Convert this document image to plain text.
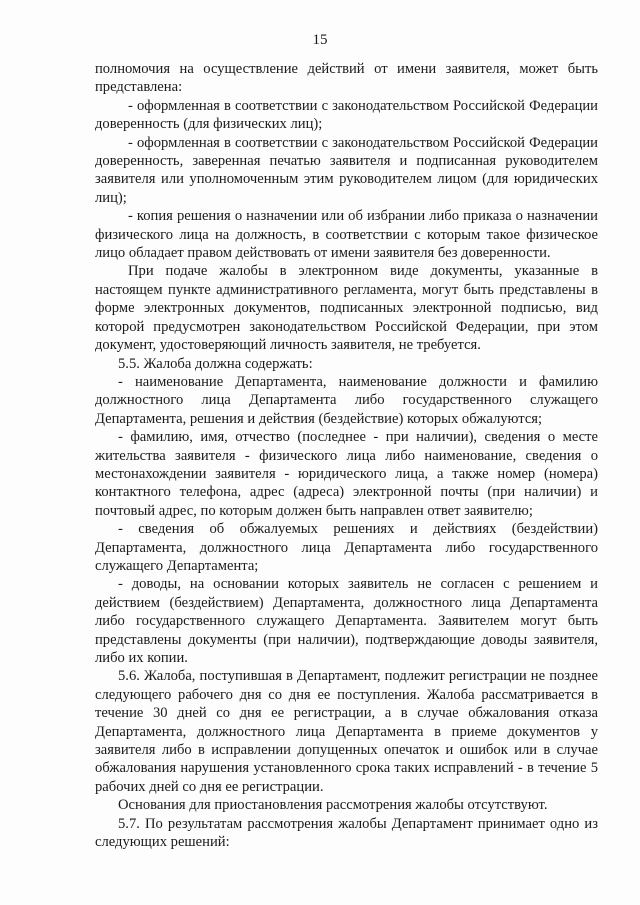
15

полномочия на осуществление действий от имени заявителя, может быть представлена:

- оформленная в соответствии с законодательством Российской Федерации доверенность (для физических лиц);

- оформленная в соответствии с законодательством Российской Федерации доверенность, заверенная печатью заявителя и подписанная руководителем заявителя или уполномоченным этим руководителем лицом (для юридических лиц);

- копия решения о назначении или об избрании либо приказа о назначении физического лица на должность, в соответствии с которым такое физическое лицо обладает правом действовать от имени заявителя без доверенности.

При подаче жалобы в электронном виде документы, указанные в настоящем пункте административного регламента, могут быть представлены в форме электронных документов, подписанных электронной подписью, вид которой предусмотрен законодательством Российской Федерации, при этом документ, удостоверяющий личность заявителя, не требуется.

5.5. Жалоба должна содержать:

- наименование Департамента, наименование должности и фамилию должностного лица Департамента либо государственного служащего Департамента, решения и действия (бездействие) которых обжалуются;

- фамилию, имя, отчество (последнее - при наличии), сведения о месте жительства заявителя - физического лица либо наименование, сведения о местонахождении заявителя - юридического лица, а также номер (номера) контактного телефона, адрес (адреса) электронной почты (при наличии) и почтовый адрес, по которым должен быть направлен ответ заявителю;

- сведения об обжалуемых решениях и действиях (бездействии) Департамента, должностного лица Департамента либо государственного служащего Департамента;

- доводы, на основании которых заявитель не согласен с решением и действием (бездействием) Департамента, должностного лица Департамента либо государственного служащего Департамента. Заявителем могут быть представлены документы (при наличии), подтверждающие доводы заявителя, либо их копии.

5.6. Жалоба, поступившая в Департамент, подлежит регистрации не позднее следующего рабочего дня со дня ее поступления. Жалоба рассматривается в течение 30 дней со дня ее регистрации, а в случае обжалования отказа Департамента, должностного лица Департамента в приеме документов у заявителя либо в исправлении допущенных опечаток и ошибок или в случае обжалования нарушения установленного срока таких исправлений - в течение 5 рабочих дней со дня ее регистрации.

Основания для приостановления рассмотрения жалобы отсутствуют.

5.7. По результатам рассмотрения жалобы Департамент принимает одно из следующих решений:
